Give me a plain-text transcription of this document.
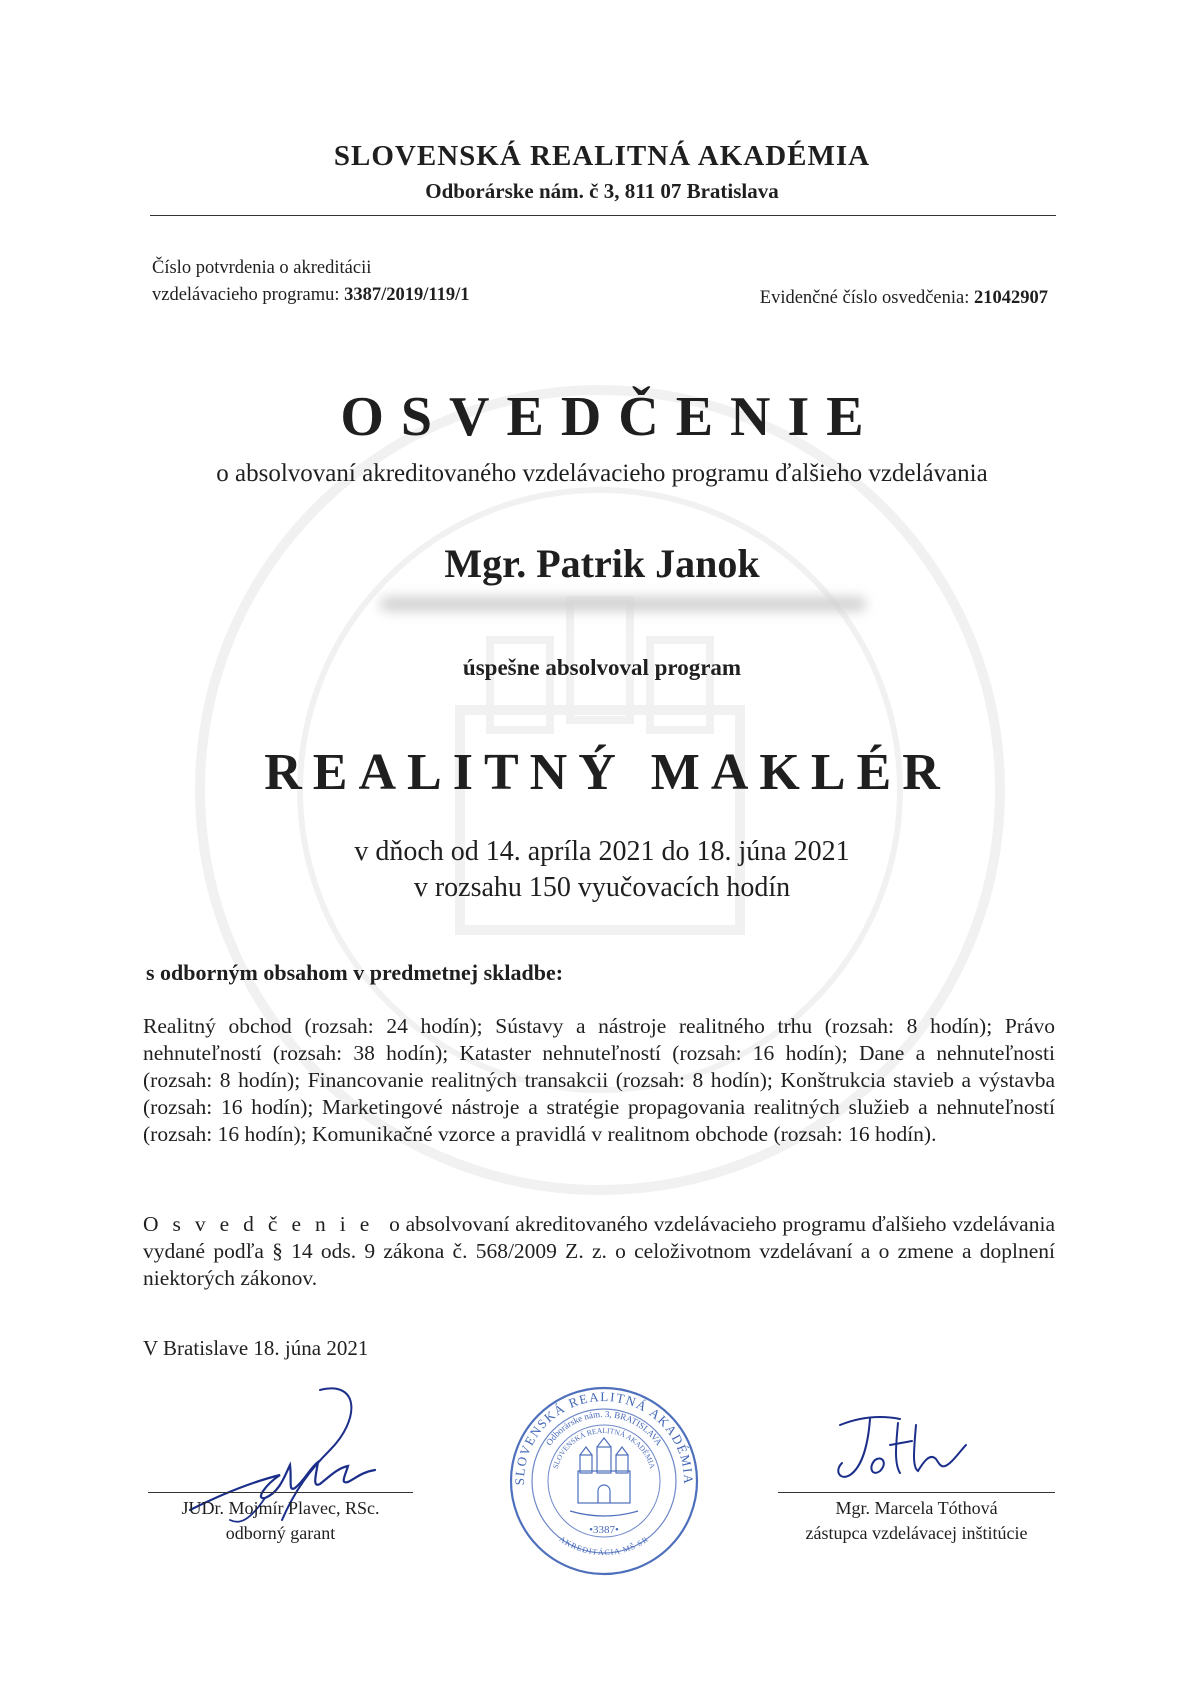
SLOVENSKÁ REALITNÁ AKADÉMIA
Odborárske nám. č 3, 811 07 Bratislava
Číslo potvrdenia o akreditácii
vzdelávacieho programu: 3387/2019/119/1	Evidenčné číslo osvedčenia: 21042907
OSVEDČENIE
o absolvovaní akreditovaného vzdelávacieho programu ďalšieho vzdelávania
Mgr. Patrik Janok
úspešne absolvoval program
REALITNÝ MAKLÉR
v dňoch od 14. apríla 2021 do 18. júna 2021
v rozsahu 150 vyučovacích hodín
s odborným obsahom v predmetnej skladbe:
Realitný obchod (rozsah: 24 hodín); Sústavy a nástroje realitného trhu (rozsah: 8 hodín); Právo nehnuteľností (rozsah: 38 hodín); Kataster nehnuteľností (rozsah: 16 hodín); Dane a nehnuteľnosti (rozsah: 8 hodín); Financovanie realitných transakcii (rozsah: 8 hodín); Konštrukcia stavieb a výstavba (rozsah: 16 hodín); Marketingové nástroje a stratégie propagovania realitných služieb a nehnuteľností (rozsah: 16 hodín); Komunikačné vzorce a pravidlá v realitnom obchode (rozsah: 16 hodín).
Osvedčenie o absolvovaní akreditovaného vzdelávacieho programu ďalšieho vzdelávania vydané podľa § 14 ods. 9 zákona č. 568/2009 Z. z. o celoživotnom vzdelávaní a o zmene a doplnení niektorých zákonov.
V Bratislave 18. júna 2021
JUDr. Mojmír Plavec, RSc.
odborný garant
Mgr. Marcela Tóthová
zástupca vzdelávacej inštitúcie
SLOVENSKÁ REALITNÁ AKADÉMIA
Odborárske nám. 3, BRATISLAVA
SLOVENSKÁ REALITNÁ AKADÉMIA
•3387•
AKREDITÁCIA MŠ SR
